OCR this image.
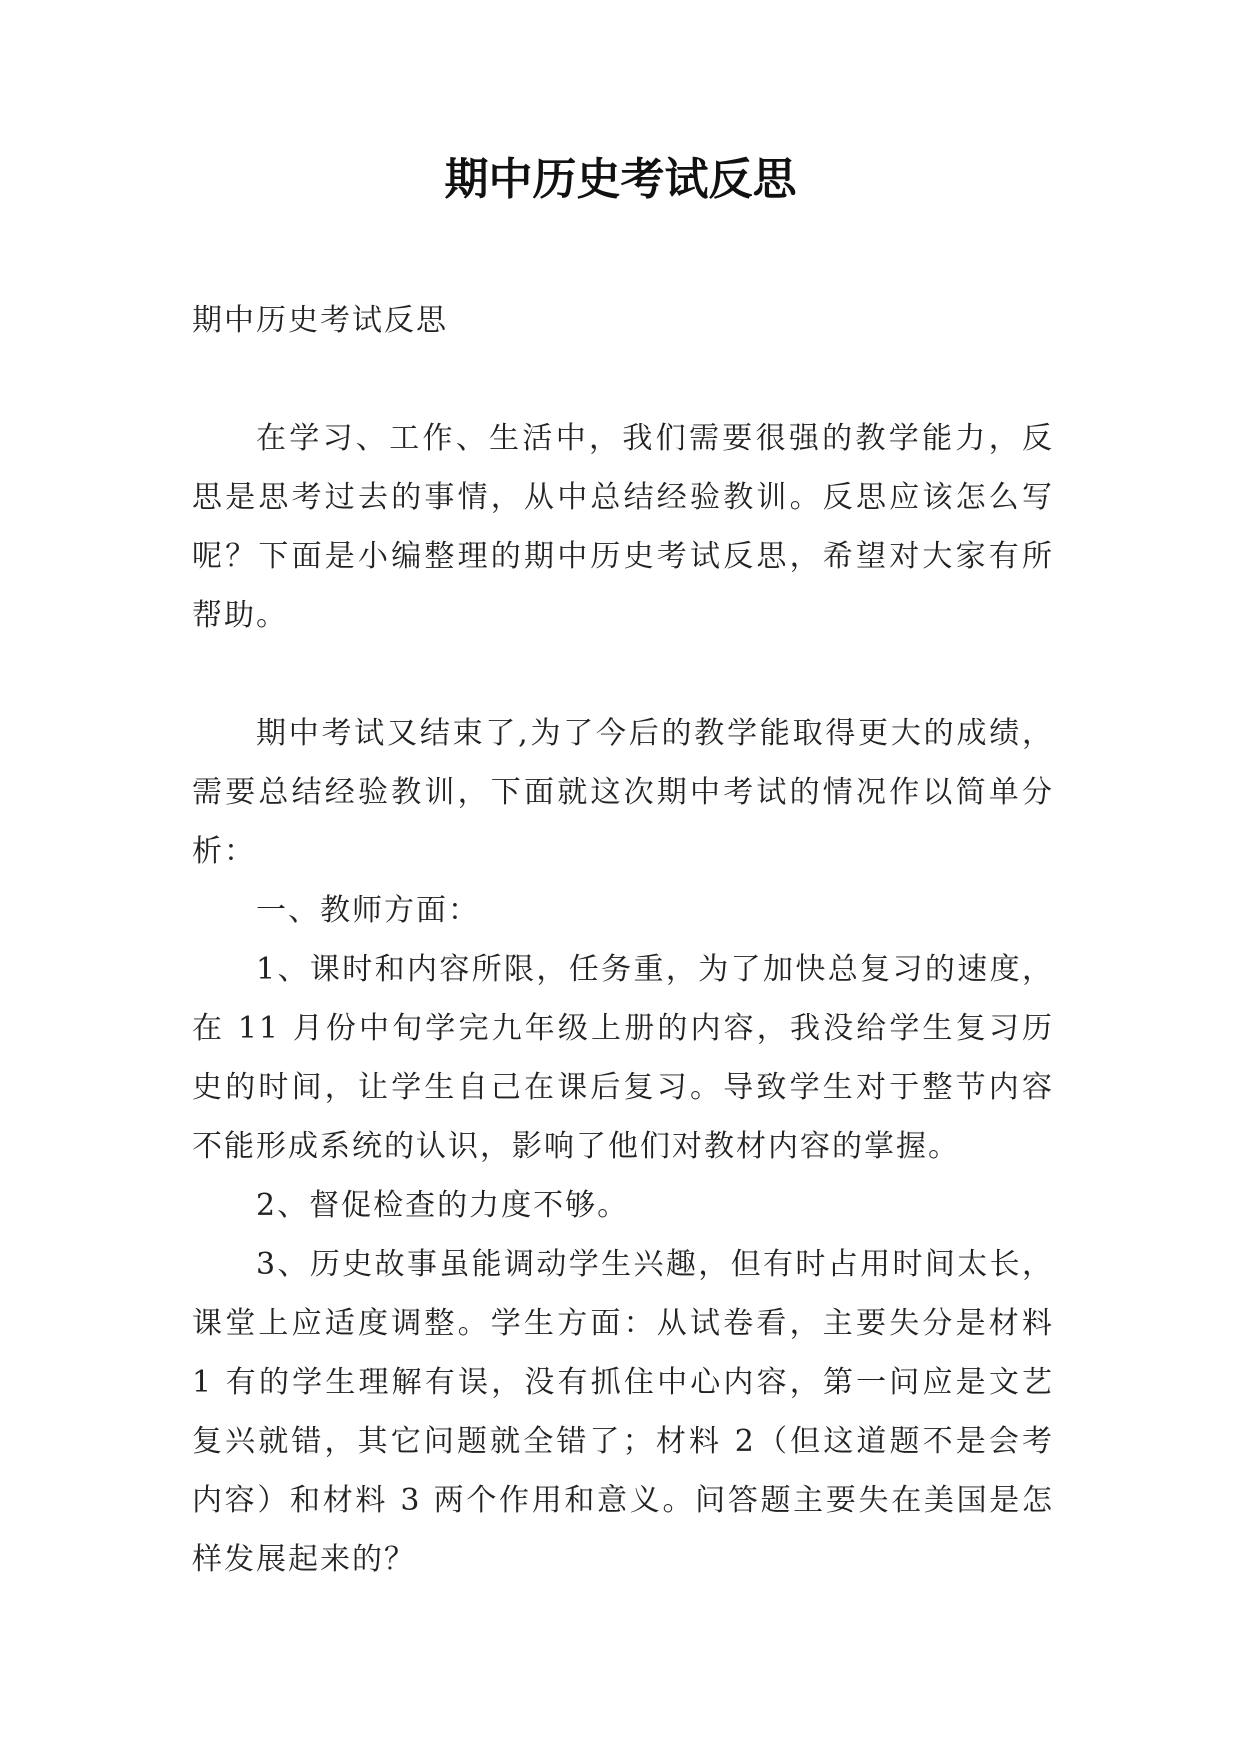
期中历史考试反思

期中历史考试反思

在学习、工作、生活中，我们需要很强的教学能力，反思是思考过去的事情，从中总结经验教训。反思应该怎么写呢？下面是小编整理的期中历史考试反思，希望对大家有所帮助。

期中考试又结束了,为了今后的教学能取得更大的成绩，需要总结经验教训，下面就这次期中考试的情况作以简单分析：

一、教师方面：

1、课时和内容所限，任务重，为了加快总复习的速度，在 11 月份中旬学完九年级上册的内容，我没给学生复习历史的时间，让学生自己在课后复习。导致学生对于整节内容不能形成系统的认识，影响了他们对教材内容的掌握。

2、督促检查的力度不够。

3、历史故事虽能调动学生兴趣，但有时占用时间太长，课堂上应适度调整。学生方面：从试卷看，主要失分是材料 1 有的学生理解有误，没有抓住中心内容，第一问应是文艺复兴就错，其它问题就全错了；材料 2（但这道题不是会考内容）和材料 3 两个作用和意义。问答题主要失在美国是怎样发展起来的？
